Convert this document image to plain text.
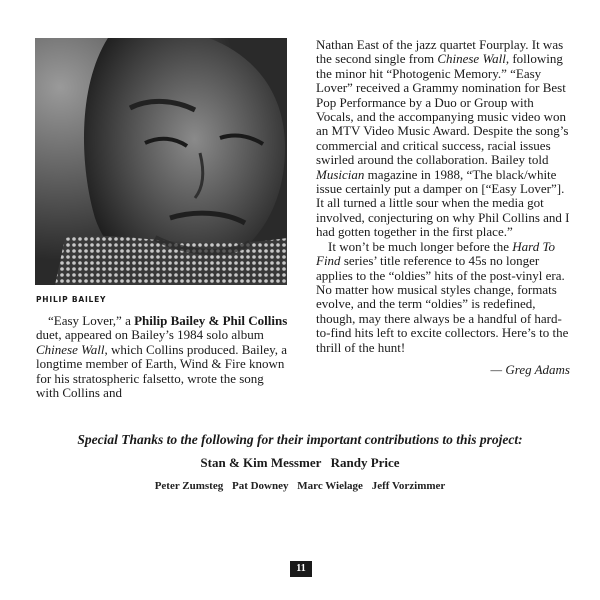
PHILIP BAILEY

“Easy Lover,” a Philip Bailey & Phil Collins duet, appeared on Bailey’s 1984 solo album Chinese Wall, which Collins produced. Bailey, a longtime member of Earth, Wind & Fire known for his stratospheric falsetto, wrote the song with Collins and

Nathan East of the jazz quartet Fourplay. It was the second single from Chinese Wall, following the minor hit “Photogenic Memory.” “Easy Lover” received a Grammy nomination for Best Pop Performance by a Duo or Group with Vocals, and the accompanying music video won an MTV Video Music Award. Despite the song’s commercial and critical success, racial issues swirled around the collaboration. Bailey told Musician magazine in 1988, “The black/white issue certainly put a damper on [“Easy Lover”]. It all turned a little sour when the media got involved, conjecturing on why Phil Collins and I had gotten together in the first place.”

It won’t be much longer before the Hard To Find series’ title reference to 45s no longer applies to the “oldies” hits of the post-vinyl era. No matter how musical styles change, formats evolve, and the term “oldies” is redefined, though, may there always be a handful of hard-to-find hits left to excite collectors. Here’s to the thrill of the hunt!

— Greg Adams

Special Thanks to the following for their important contributions to this project:
Stan & Kim Messmer Randy Price
Peter Zumsteg Pat Downey Marc Wielage Jeff Vorzimmer
11
